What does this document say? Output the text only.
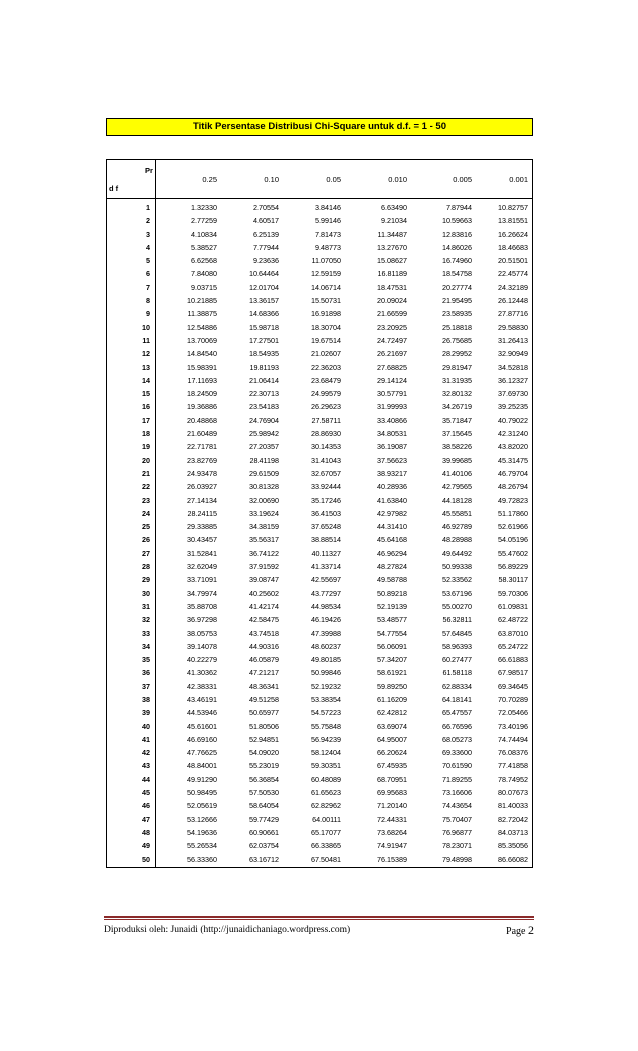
Titik Persentase Distribusi Chi-Square untuk d.f. = 1 - 50
Pr
d f
0.25	0.10	0.05	0.010	0.005	0.001
1	1.32330	2.70554	3.84146	6.63490	7.87944	10.82757
2	2.77259	4.60517	5.99146	9.21034	10.59663	13.81551
3	4.10834	6.25139	7.81473	11.34487	12.83816	16.26624
4	5.38527	7.77944	9.48773	13.27670	14.86026	18.46683
5	6.62568	9.23636	11.07050	15.08627	16.74960	20.51501
6	7.84080	10.64464	12.59159	16.81189	18.54758	22.45774
7	9.03715	12.01704	14.06714	18.47531	20.27774	24.32189
8	10.21885	13.36157	15.50731	20.09024	21.95495	26.12448
9	11.38875	14.68366	16.91898	21.66599	23.58935	27.87716
10	12.54886	15.98718	18.30704	23.20925	25.18818	29.58830
11	13.70069	17.27501	19.67514	24.72497	26.75685	31.26413
12	14.84540	18.54935	21.02607	26.21697	28.29952	32.90949
13	15.98391	19.81193	22.36203	27.68825	29.81947	34.52818
14	17.11693	21.06414	23.68479	29.14124	31.31935	36.12327
15	18.24509	22.30713	24.99579	30.57791	32.80132	37.69730
16	19.36886	23.54183	26.29623	31.99993	34.26719	39.25235
17	20.48868	24.76904	27.58711	33.40866	35.71847	40.79022
18	21.60489	25.98942	28.86930	34.80531	37.15645	42.31240
19	22.71781	27.20357	30.14353	36.19087	38.58226	43.82020
20	23.82769	28.41198	31.41043	37.56623	39.99685	45.31475
21	24.93478	29.61509	32.67057	38.93217	41.40106	46.79704
22	26.03927	30.81328	33.92444	40.28936	42.79565	48.26794
23	27.14134	32.00690	35.17246	41.63840	44.18128	49.72823
24	28.24115	33.19624	36.41503	42.97982	45.55851	51.17860
25	29.33885	34.38159	37.65248	44.31410	46.92789	52.61966
26	30.43457	35.56317	38.88514	45.64168	48.28988	54.05196
27	31.52841	36.74122	40.11327	46.96294	49.64492	55.47602
28	32.62049	37.91592	41.33714	48.27824	50.99338	56.89229
29	33.71091	39.08747	42.55697	49.58788	52.33562	58.30117
30	34.79974	40.25602	43.77297	50.89218	53.67196	59.70306
31	35.88708	41.42174	44.98534	52.19139	55.00270	61.09831
32	36.97298	42.58475	46.19426	53.48577	56.32811	62.48722
33	38.05753	43.74518	47.39988	54.77554	57.64845	63.87010
34	39.14078	44.90316	48.60237	56.06091	58.96393	65.24722
35	40.22279	46.05879	49.80185	57.34207	60.27477	66.61883
36	41.30362	47.21217	50.99846	58.61921	61.58118	67.98517
37	42.38331	48.36341	52.19232	59.89250	62.88334	69.34645
38	43.46191	49.51258	53.38354	61.16209	64.18141	70.70289
39	44.53946	50.65977	54.57223	62.42812	65.47557	72.05466
40	45.61601	51.80506	55.75848	63.69074	66.76596	73.40196
41	46.69160	52.94851	56.94239	64.95007	68.05273	74.74494
42	47.76625	54.09020	58.12404	66.20624	69.33600	76.08376
43	48.84001	55.23019	59.30351	67.45935	70.61590	77.41858
44	49.91290	56.36854	60.48089	68.70951	71.89255	78.74952
45	50.98495	57.50530	61.65623	69.95683	73.16606	80.07673
46	52.05619	58.64054	62.82962	71.20140	74.43654	81.40033
47	53.12666	59.77429	64.00111	72.44331	75.70407	82.72042
48	54.19636	60.90661	65.17077	73.68264	76.96877	84.03713
49	55.26534	62.03754	66.33865	74.91947	78.23071	85.35056
50	56.33360	63.16712	67.50481	76.15389	79.48998	86.66082
Diproduksi oleh: Junaidi (http://junaidichaniago.wordpress.com)	Page 2
